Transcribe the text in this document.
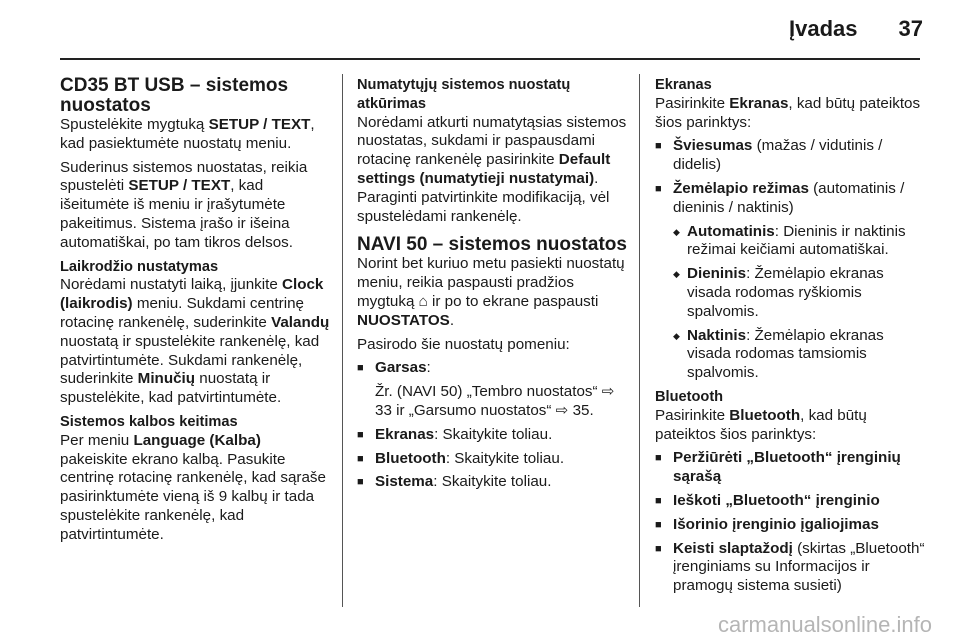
Įvadas 37
CD35 BT USB – sistemos nuostatos

Spustelėkite mygtuką SETUP / TEXT, kad pasiektumėte nuostatų meniu.

Suderinus sistemos nuostatas, reikia spustelėti SETUP / TEXT, kad išeitumėte iš meniu ir įrašytumėte pakeitimus. Sistema įrašo ir išeina automatiškai, po tam tikros delsos.

Laikrodžio nustatymas

Norėdami nustatyti laiką, įjunkite Clock (laikrodis) meniu. Sukdami centrinę rotacinę rankenėlę, suderinkite Valandų nuostatą ir spustelėkite rankenėlę, kad patvirtintumėte. Sukdami rankenėlę, suderinkite Minučių nuostatą ir spustelėkite, kad patvirtintumėte.

Sistemos kalbos keitimas

Per meniu Language (Kalba) pakeiskite ekrano kalbą. Pasukite centrinę rotacinę rankenėlę, kad sąraše pasirinktumėte vieną iš 9 kalbų ir tada spustelėkite rankenėlę, kad patvirtintumėte.

Numatytųjų sistemos nuostatų atkūrimas

Norėdami atkurti numatytąsias sistemos nuostatas, sukdami ir paspausdami rotacinę rankenėlę pasirinkite Default settings (numatytieji nustatymai). Paraginti patvirtinkite modifikaciją, vėl spustelėdami rankenėlę.

NAVI 50 – sistemos nuostatos

Norint bet kuriuo metu pasiekti nuostatų meniu, reikia paspausti pradžios mygtuką ⌂ ir po to ekrane paspausti NUOSTATOS.

Pasirodo šie nuostatų pomeniu:

■ Garsas:

Žr. (NAVI 50) „Tembro nuostatos“ ⇨ 33 ir „Garsumo nuostatos“ ⇨ 35.

■ Ekranas: Skaitykite toliau.
■ Bluetooth: Skaitykite toliau.
■ Sistema: Skaitykite toliau.
Ekranas

Pasirinkite Ekranas, kad būtų pateiktos šios parinktys:

■ Šviesumas (mažas / vidutinis / didelis)
■ Žemėlapio režimas (automatinis / dieninis / naktinis)
◆ Automatinis: Dieninis ir naktinis režimai keičiami automatiškai.
◆ Dieninis: Žemėlapio ekranas visada rodomas ryškiomis spalvomis.
◆ Naktinis: Žemėlapio ekranas visada rodomas tamsiomis spalvomis.
Bluetooth

Pasirinkite Bluetooth, kad būtų pateiktos šios parinktys:

■ Peržiūrėti „Bluetooth“ įrenginių sąrašą
■ Ieškoti „Bluetooth“ įrenginio
■ Išorinio įrenginio įgaliojimas
■ Keisti slaptažodį (skirtas „Bluetooth“ įrenginiams su Informacijos ir pramogų sistema susieti)
carmanualsonline.info
